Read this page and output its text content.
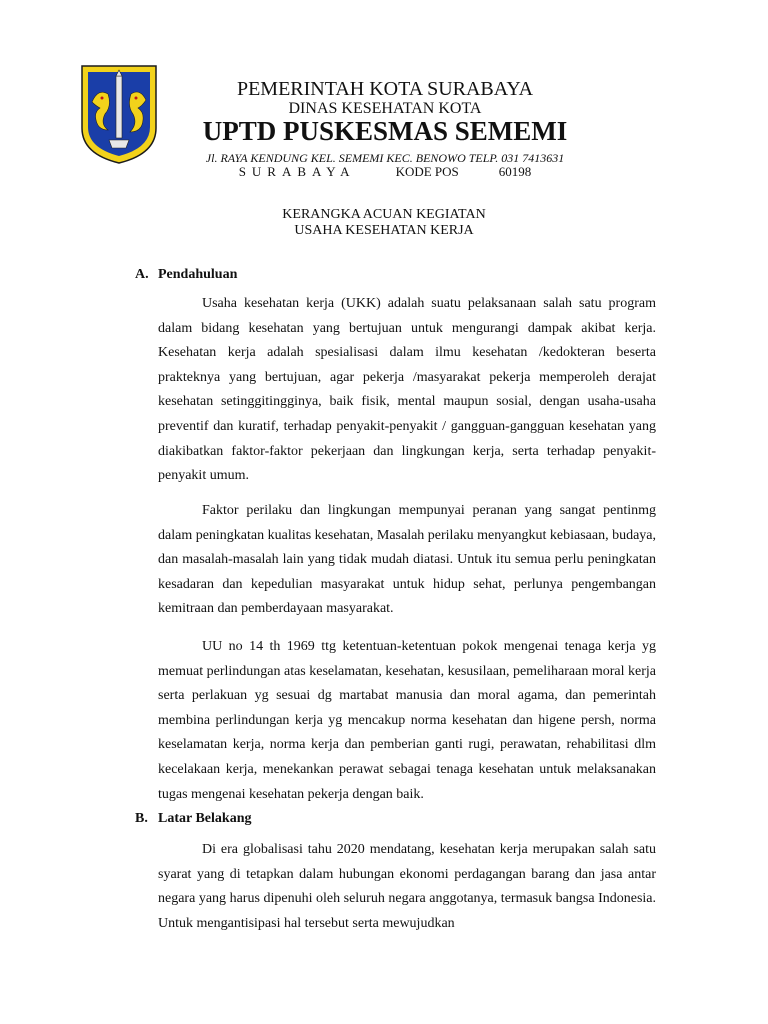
PEMERINTAH KOTA SURABAYA
DINAS KESEHATAN KOTA
UPTD PUSKESMAS SEMEMI
Jl. RAYA KENDUNG KEL. SEMEMI KEC. BENOWO TELP. 031 7413631
SURABAYA	KODE POS	60198
KERANGKA ACUAN KEGIATAN
USAHA KESEHATAN KERJA
A. Pendahuluan

Usaha kesehatan kerja (UKK) adalah suatu pelaksanaan salah satu program dalam bidang kesehatan yang bertujuan untuk mengurangi dampak akibat kerja. Kesehatan kerja adalah spesialisasi dalam ilmu kesehatan /kedokteran beserta prakteknya yang bertujuan, agar pekerja /masyarakat pekerja memperoleh derajat kesehatan setinggitingginya, baik fisik, mental maupun sosial, dengan usaha-usaha preventif dan kuratif, terhadap penyakit-penyakit / gangguan-gangguan kesehatan yang diakibatkan faktor-faktor pekerjaan dan lingkungan kerja, serta terhadap penyakit-penyakit umum.

Faktor perilaku dan lingkungan mempunyai peranan yang sangat pentinmg dalam peningkatan kualitas kesehatan, Masalah perilaku menyangkut kebiasaan, budaya, dan masalah-masalah lain yang tidak mudah diatasi. Untuk itu semua perlu peningkatan kesadaran dan kepedulian masyarakat untuk hidup sehat, perlunya pengembangan kemitraan dan pemberdayaan masyarakat.

UU no 14 th 1969 ttg ketentuan-ketentuan pokok mengenai tenaga kerja yg memuat perlindungan atas keselamatan, kesehatan, kesusilaan, pemeliharaan moral kerja serta perlakuan yg sesuai dg martabat manusia dan moral agama, dan pemerintah membina perlindungan kerja yg mencakup norma kesehatan dan higene persh, norma keselamatan kerja, norma kerja dan pemberian ganti rugi, perawatan, rehabilitasi dlm kecelakaan kerja, menekankan perawat sebagai tenaga kesehatan untuk melaksanakan tugas mengenai kesehatan pekerja dengan baik.

B. Latar Belakang

Di era globalisasi tahu 2020 mendatang, kesehatan kerja merupakan salah satu syarat yang di tetapkan dalam hubungan ekonomi perdagangan barang dan jasa antar negara yang harus dipenuhi oleh seluruh negara anggotanya, termasuk bangsa Indonesia. Untuk mengantisipasi hal tersebut serta mewujudkan
